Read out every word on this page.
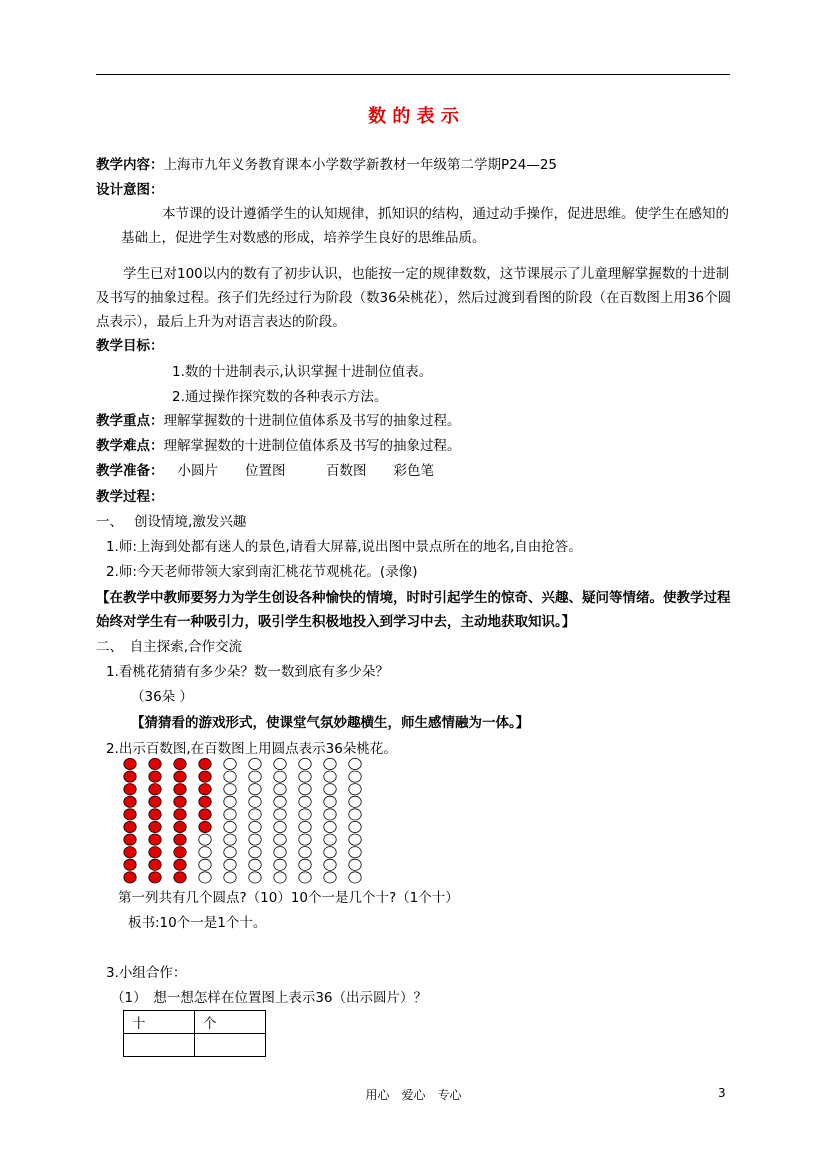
数 的 表 示
教学内容：上海市九年义务教育课本小学数学新教材一年级第二学期P24—25
设计意图：
本节课的设计遵循学生的认知规律，抓知识的结构，通过动手操作，促进思维。使学生在感知的基础上，促进学生对数感的形成，培养学生良好的思维品质。
学生已对100以内的数有了初步认识，也能按一定的规律数数，这节课展示了儿童理解掌握数的十进制及书写的抽象过程。孩子们先经过行为阶段（数36朵桃花），然后过渡到看图的阶段（在百数图上用36个圆点表示），最后上升为对语言表达的阶段。
教学目标：
1.数的十进制表示,认识掌握十进制位值表。
2.通过操作探究数的各种表示方法。
教学重点：理解掌握数的十进制位值体系及书写的抽象过程。
教学难点：理解掌握数的十进制位值体系及书写的抽象过程。
教学准备： 小圆片　　位置图　　　百数图　　彩色笔
教学过程：
一、　 创设情境,激发兴趣
1.师:上海到处都有迷人的景色,请看大屏幕,说出图中景点所在的地名,自由抢答。
2.师:今天老师带领大家到南汇桃花节观桃花。(录像)
【在教学中教师要努力为学生创设各种愉快的情境，时时引起学生的惊奇、兴趣、疑问等情绪。使教学过程始终对学生有一种吸引力，吸引学生积极地投入到学习中去，主动地获取知识。】
二、　自主探索,合作交流
1.看桃花猜猜有多少朵？数一数到底有多少朵？
（36朵 ）
【猜猜看的游戏形式，使课堂气氛妙趣横生，师生感情融为一体。】
2.出示百数图,在百数图上用圆点表示36朵桃花。
第一列共有几个圆点?（10）10个一是几个十?（1个十）
板书:10个一是1个十。
3.小组合作：
（1）　想一想怎样在位置图上表示36（出示圆片）？
十	个

用心　爱心　专心	3
